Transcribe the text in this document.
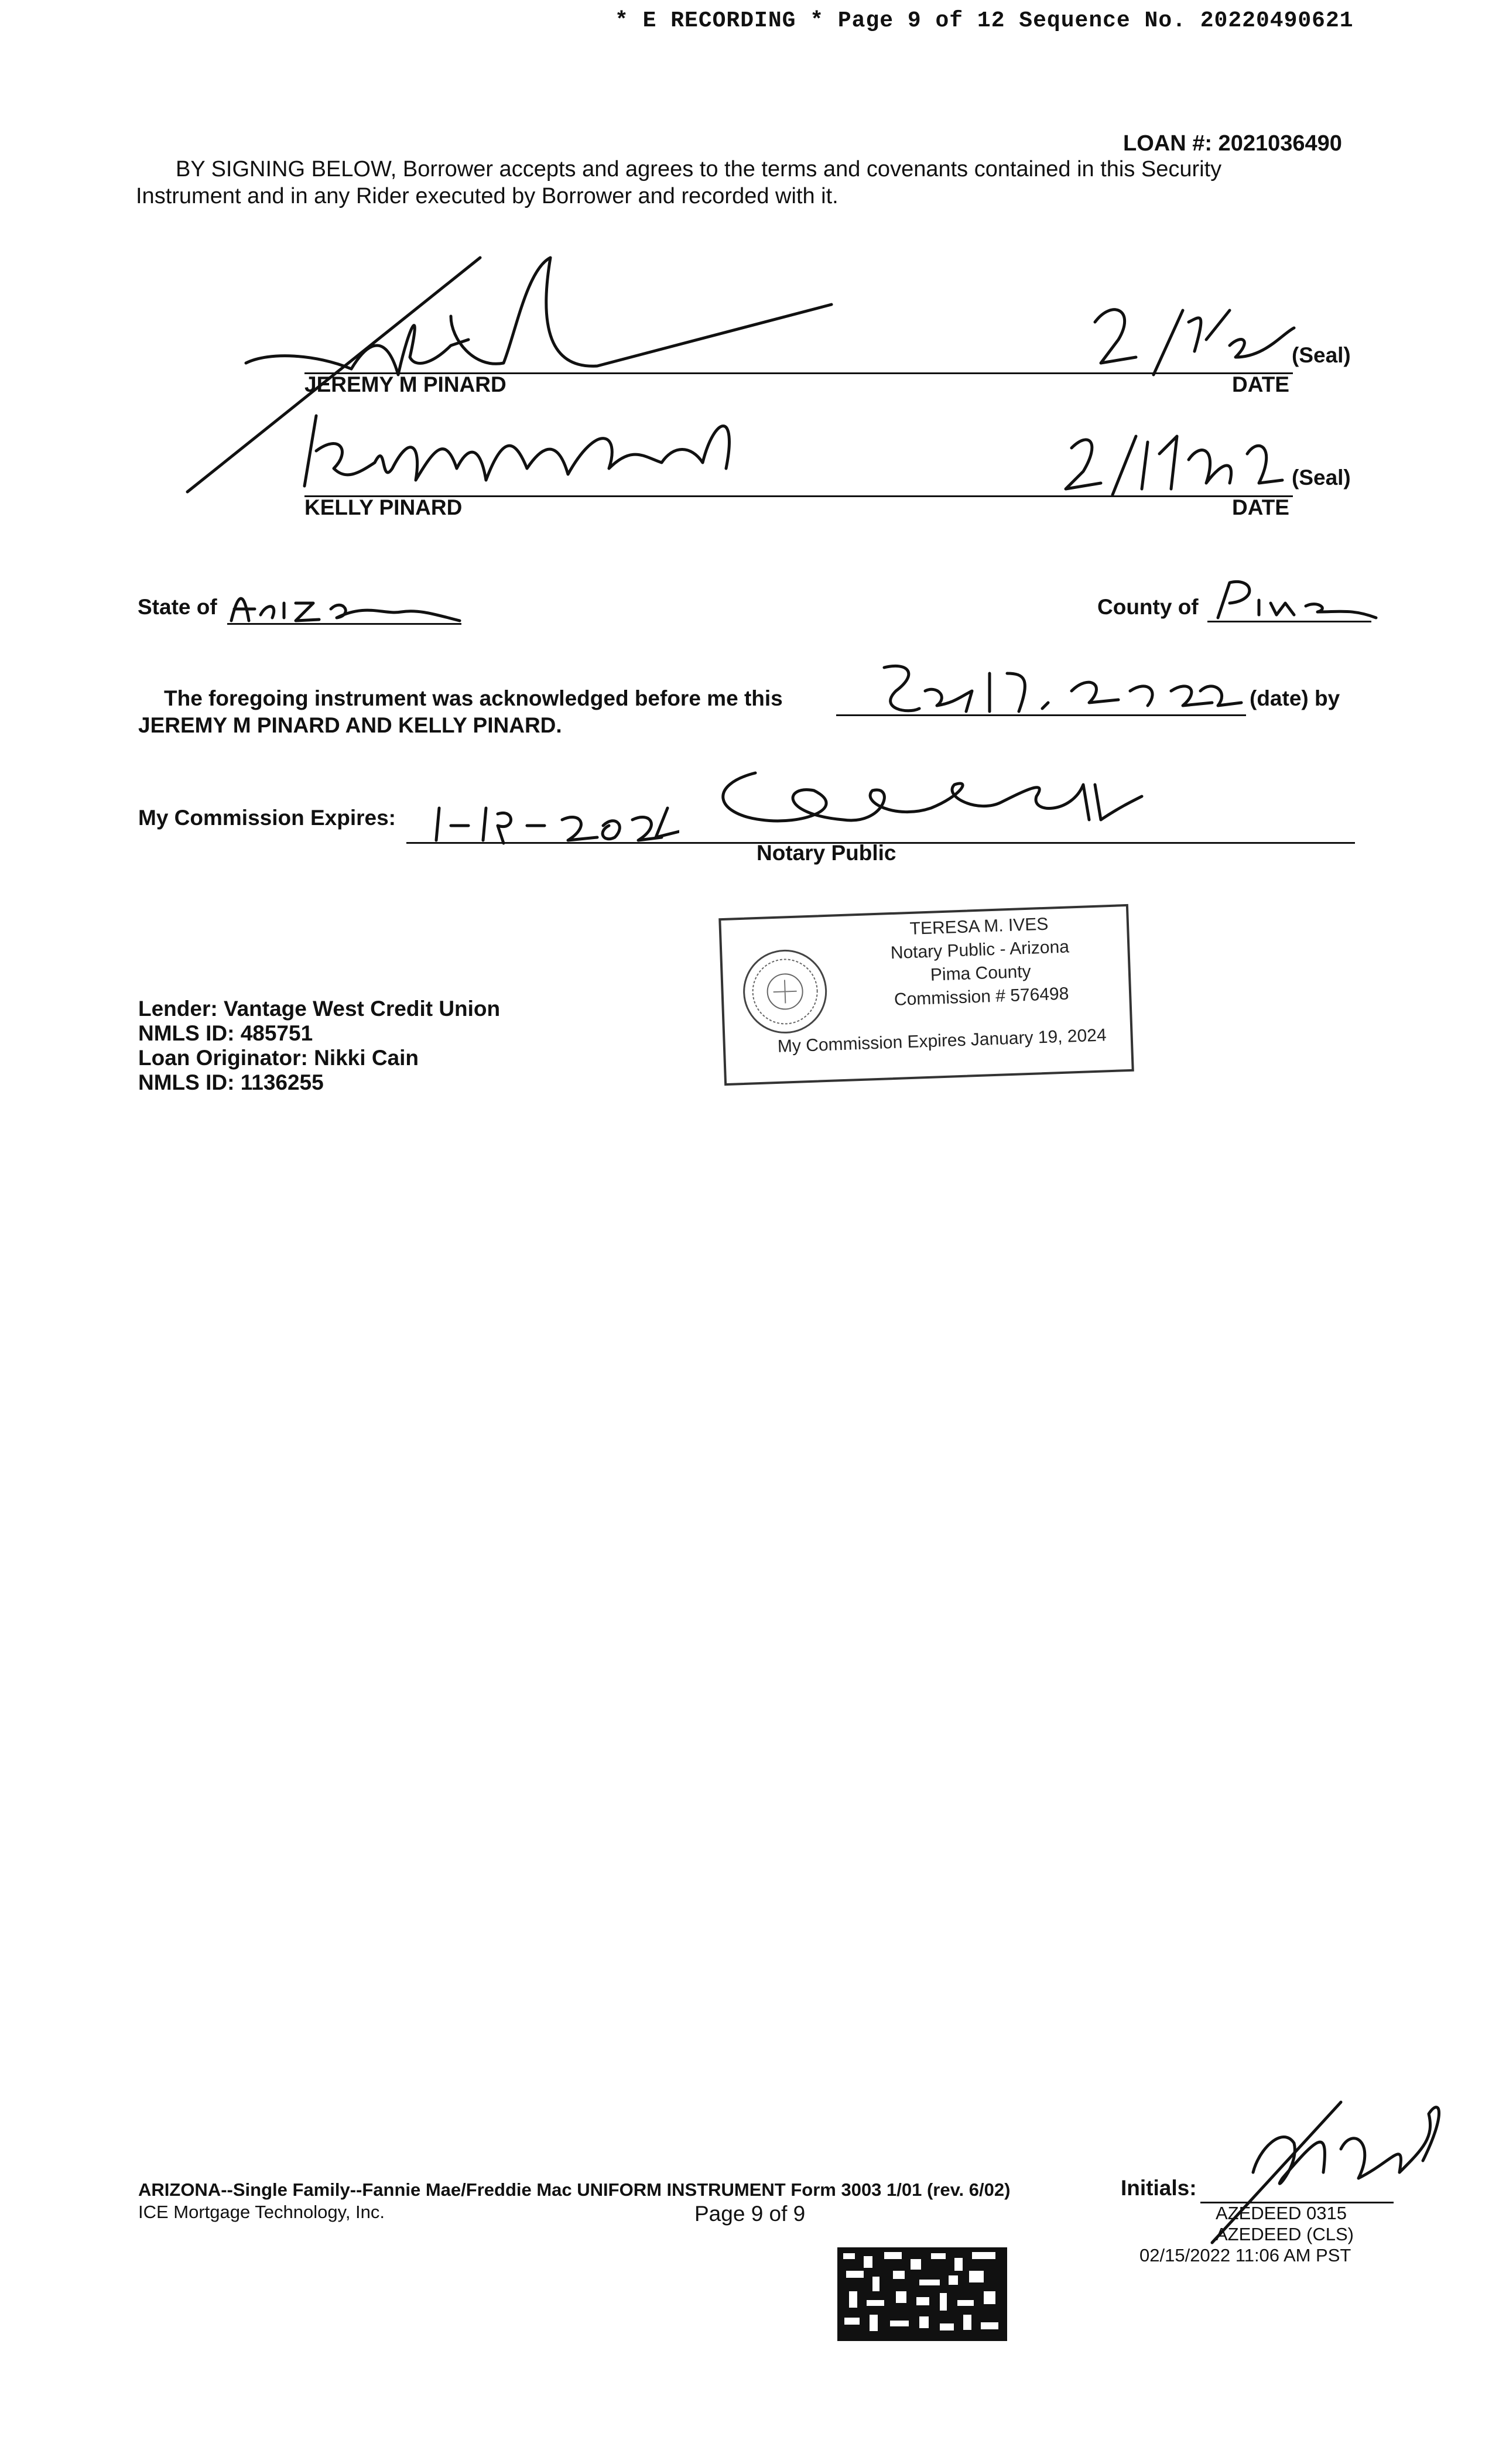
* E RECORDING * Page 9 of 12 Sequence No. 20220490621
LOAN #: 2021036490
BY SIGNING BELOW, Borrower accepts and agrees to the terms and covenants contained in this Security
Instrument and in any Rider executed by Borrower and recorded with it.
JEREMY M PINARD
(Seal)
DATE
KELLY PINARD
(Seal)
DATE
State of	County of
The foregoing instrument was acknowledged before me this	(date) by
JEREMY M PINARD AND KELLY PINARD.
My Commission Expires:
Notary Public
TERESA M. IVES
Notary Public - Arizona
Pima County
Commission # 576498
My Commission Expires January 19, 2024
Lender: Vantage West Credit Union
NMLS ID: 485751
Loan Originator: Nikki Cain
NMLS ID: 1136255
ARIZONA--Single Family--Fannie Mae/Freddie Mac UNIFORM INSTRUMENT Form 3003 1/01 (rev. 6/02)
ICE Mortgage Technology, Inc.	Page 9 of 9
Initials:
AZEDEED 0315
AZEDEED (CLS)
02/15/2022 11:06 AM PST
